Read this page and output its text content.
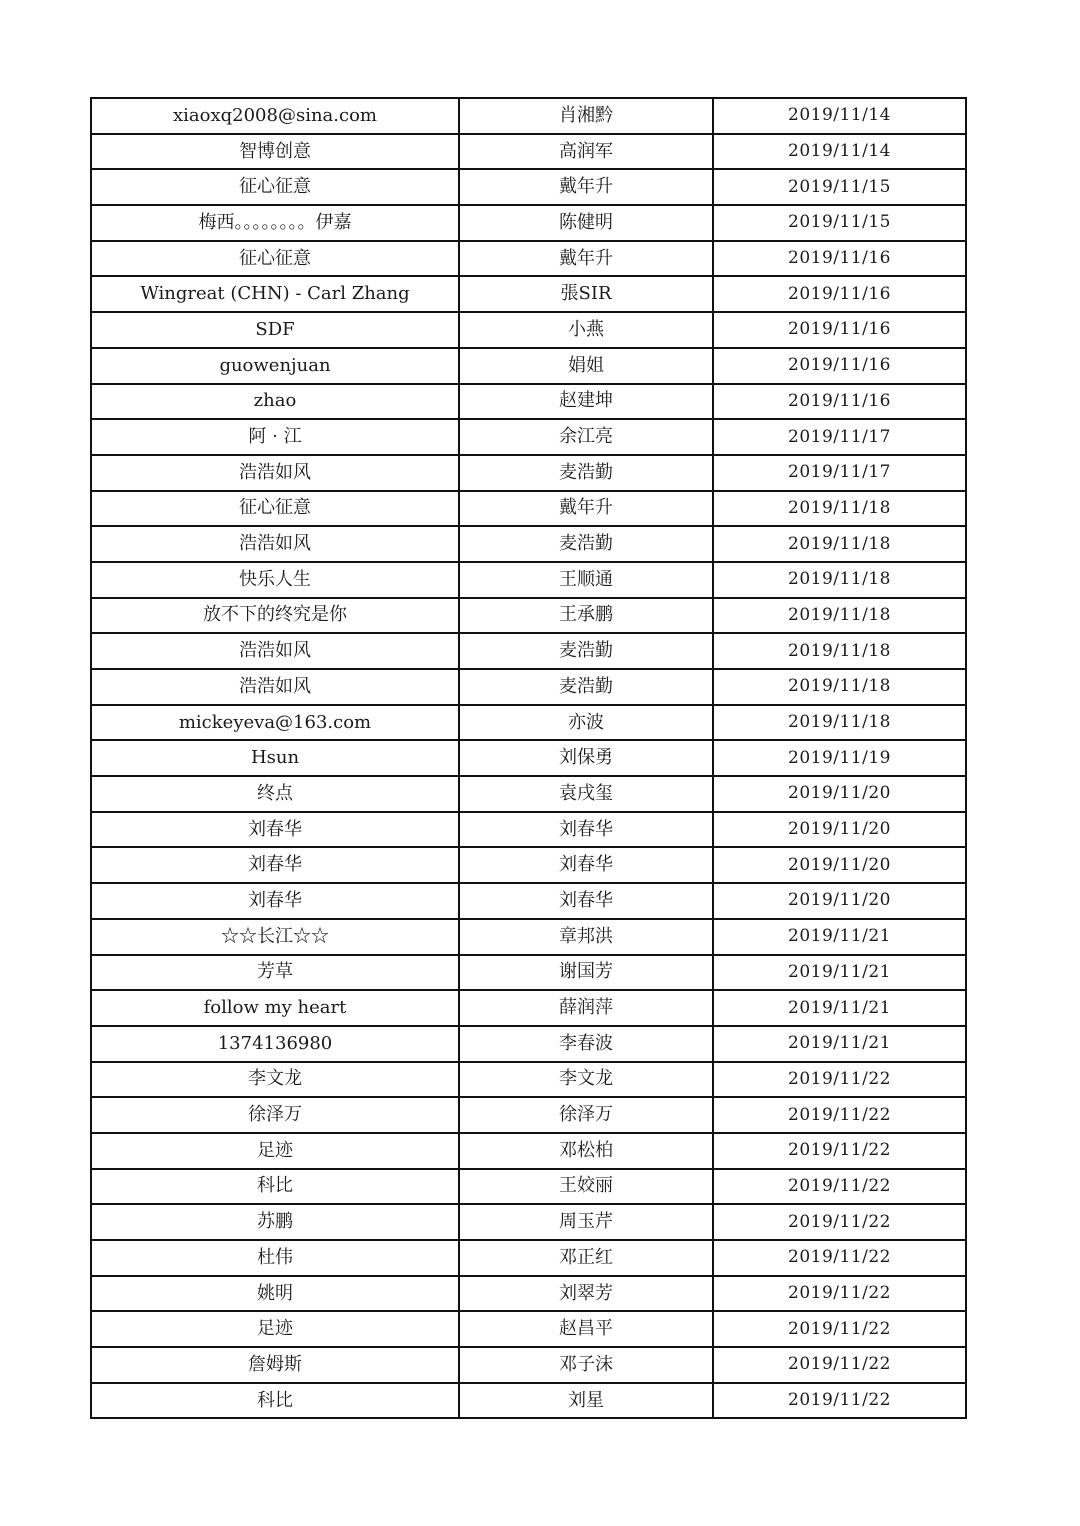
xiaoxq2008@sina.com	肖湘黔	2019/11/14
智博创意	高润军	2019/11/14
征心征意	戴年升	2019/11/15
梅西。。。。。。。。伊嘉	陈健明	2019/11/15
征心征意	戴年升	2019/11/16
Wingreat (CHN) - Carl Zhang	張SIR	2019/11/16
SDF	小燕	2019/11/16
guowenjuan	娟姐	2019/11/16
zhao	赵建坤	2019/11/16
阿 · 江	余江亮	2019/11/17
浩浩如风	麦浩勤	2019/11/17
征心征意	戴年升	2019/11/18
浩浩如风	麦浩勤	2019/11/18
快乐人生	王顺通	2019/11/18
放不下的终究是你	王承鹏	2019/11/18
浩浩如风	麦浩勤	2019/11/18
浩浩如风	麦浩勤	2019/11/18
mickeyeva@163.com	亦波	2019/11/18
Hsun	刘保勇	2019/11/19
终点	袁戌玺	2019/11/20
刘春华	刘春华	2019/11/20
刘春华	刘春华	2019/11/20
刘春华	刘春华	2019/11/20
☆☆长江☆☆	章邦洪	2019/11/21
芳草	谢国芳	2019/11/21
follow my heart	薛润萍	2019/11/21
1374136980	李春波	2019/11/21
李文龙	李文龙	2019/11/22
徐泽万	徐泽万	2019/11/22
足迹	邓松柏	2019/11/22
科比	王姣丽	2019/11/22
苏鹏	周玉芹	2019/11/22
杜伟	邓正红	2019/11/22
姚明	刘翠芳	2019/11/22
足迹	赵昌平	2019/11/22
詹姆斯	邓子沫	2019/11/22
科比	刘星	2019/11/22
